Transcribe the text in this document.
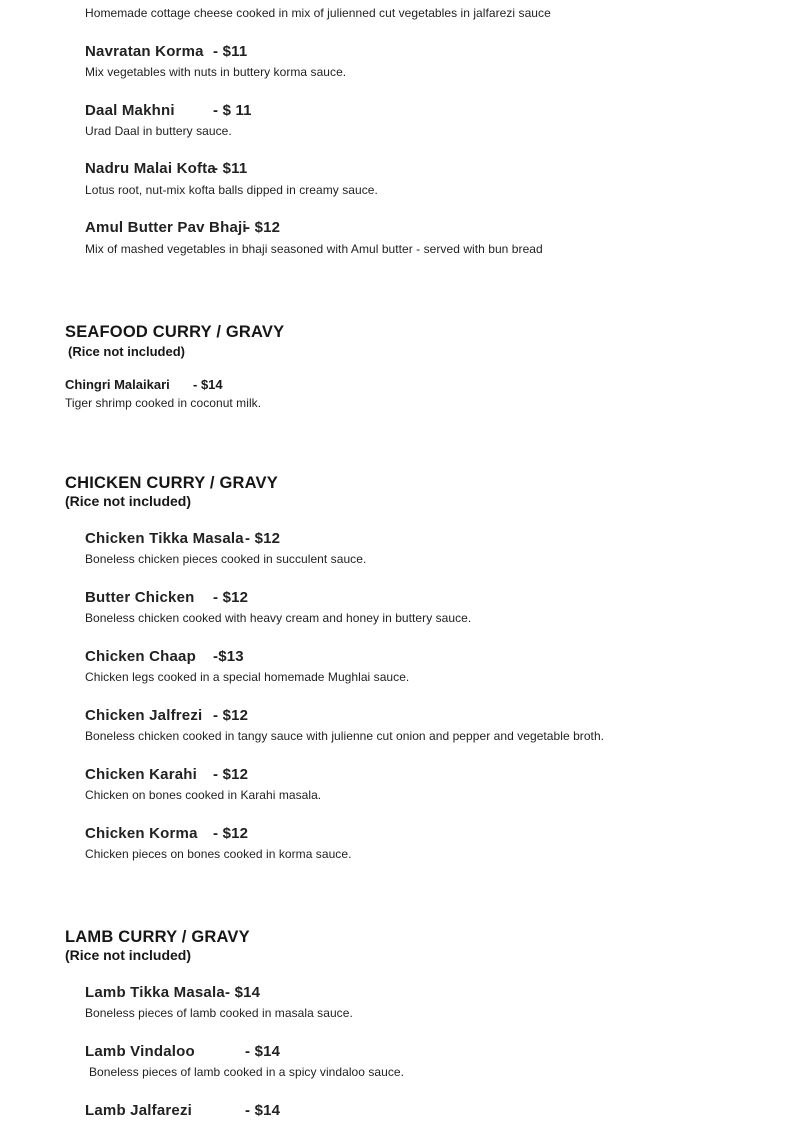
Homemade cottage cheese cooked in mix of julienned cut vegetables in jalfarezi sauce
Navratan Korma - $11
Mix vegetables with nuts in buttery korma sauce.
Daal Makhni	- $ 11
Urad Daal in buttery sauce.
Nadru Malai Kofta
- $11
Lotus root, nut-mix kofta balls dipped in creamy sauce.
Amul Butter Pav Bhaji
- $12
Mix of mashed vegetables in bhaji seasoned with Amul butter - served with bun bread
SEAFOOD CURRY / GRAVY
(Rice not included)
Chingri Malaikari - $14
Tiger shrimp cooked in coconut milk.
CHICKEN CURRY / GRAVY
(Rice not included)
Chicken Tikka Masala - $12
Boneless chicken pieces cooked in succulent sauce.
Butter Chicken - $12
Boneless chicken cooked with heavy cream and honey in buttery sauce.
Chicken Chaap -$13
Chicken legs cooked in a special homemade Mughlai sauce.
Chicken Jalfrezi - $12
Boneless chicken cooked in tangy sauce with julienne cut onion and pepper and vegetable broth.
Chicken Karahi - $12
Chicken on bones cooked in Karahi masala.
Chicken Korma - $12
Chicken pieces on bones cooked in korma sauce.
LAMB CURRY / GRAVY
(Rice not included)
Lamb Tikka Masala - $14
Boneless pieces of lamb cooked in masala sauce.
Lamb Vindaloo	- $14
Boneless pieces of lamb cooked in a spicy vindaloo sauce.
Lamb Jalfarezi	- $14
